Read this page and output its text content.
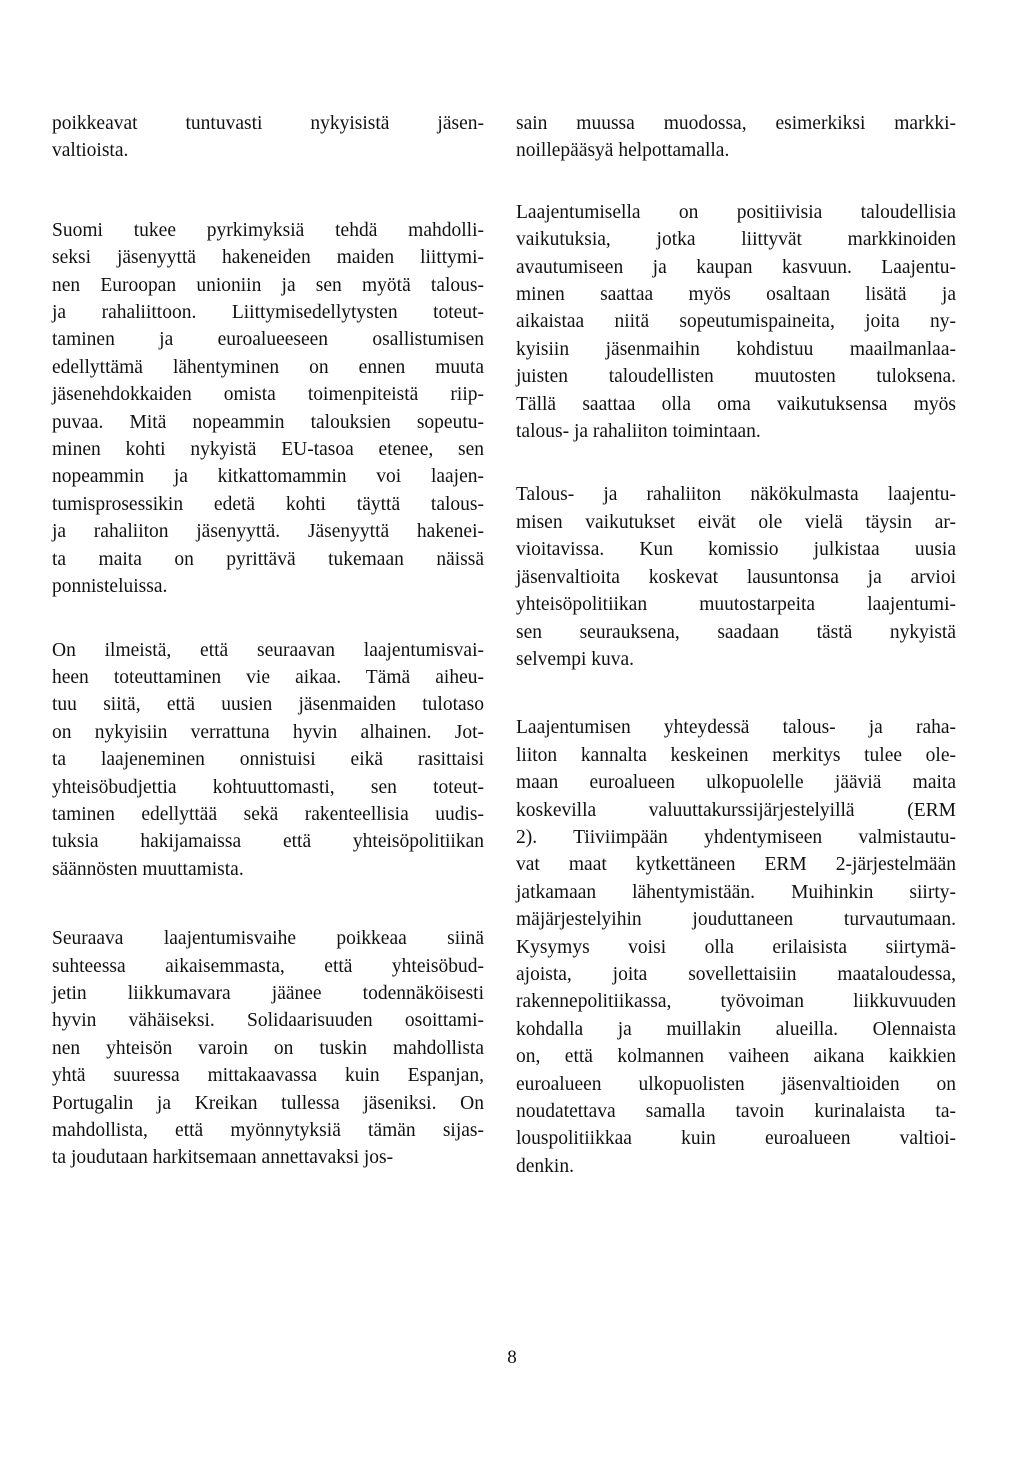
poikkeavat tuntuvasti nykyisistä jäsen-
valtioista.

Suomi tukee pyrkimyksiä tehdä mahdolli-
seksi jäsenyyttä hakeneiden maiden liittymi-
nen Euroopan unioniin ja sen myötä talous-
ja rahaliittoon. Liittymisedellytysten toteut-
taminen ja euroalueeseen osallistumisen
edellyttämä lähentyminen on ennen muuta
jäsenehdokkaiden omista toimenpiteistä riip-
puvaa. Mitä nopeammin talouksien sopeutu-
minen kohti nykyistä EU-tasoa etenee, sen
nopeammin ja kitkattomammin voi laajen-
tumisprosessikin edetä kohti täyttä talous-
ja rahaliiton jäsenyyttä. Jäsenyyttä hakenei-
ta maita on pyrittävä tukemaan näissä
ponnisteluissa.

On ilmeistä, että seuraavan laajentumisvai-
heen toteuttaminen vie aikaa. Tämä aiheu-
tuu siitä, että uusien jäsenmaiden tulotaso
on nykyisiin verrattuna hyvin alhainen. Jot-
ta laajeneminen onnistuisi eikä rasittaisi
yhteisöbudjettia kohtuuttomasti, sen toteut-
taminen edellyttää sekä rakenteellisia uudis-
tuksia hakijamaissa että yhteisöpolitiikan
säännösten muuttamista.

Seuraava laajentumisvaihe poikkeaa siinä
suhteessa aikaisemmasta, että yhteisöbud-
jetin liikkumavara jäänee todennäköisesti
hyvin vähäiseksi. Solidaarisuuden osoittami-
nen yhteisön varoin on tuskin mahdollista
yhtä suuressa mittakaavassa kuin Espanjan,
Portugalin ja Kreikan tullessa jäseniksi. On
mahdollista, että myönnytyksiä tämän sijas-
ta joudutaan harkitsemaan annettavaksi jos-

sain muussa muodossa, esimerkiksi markki-
noillepääsyä helpottamalla.

Laajentumisella on positiivisia taloudellisia
vaikutuksia, jotka liittyvät markkinoiden
avautumiseen ja kaupan kasvuun. Laajentu-
minen saattaa myös osaltaan lisätä ja
aikaistaa niitä sopeutumispaineita, joita ny-
kyisiin jäsenmaihin kohdistuu maailmanlaa-
juisten taloudellisten muutosten tuloksena.
Tällä saattaa olla oma vaikutuksensa myös
talous- ja rahaliiton toimintaan.

Talous- ja rahaliiton näkökulmasta laajentu-
misen vaikutukset eivät ole vielä täysin ar-
vioitavissa. Kun komissio julkistaa uusia
jäsenvaltioita koskevat lausuntonsa ja arvioi
yhteisöpolitiikan muutostarpeita laajentumi-
sen seurauksena, saadaan tästä nykyistä
selvempi kuva.

Laajentumisen yhteydessä talous- ja raha-
liiton kannalta keskeinen merkitys tulee ole-
maan euroalueen ulkopuolelle jääviä maita
koskevilla valuuttakurssijärjestelyillä (ERM
2). Tiiviimpään yhdentymiseen valmistautu-
vat maat kytkettäneen ERM 2-järjestelmään
jatkamaan lähentymistään. Muihinkin siirty-
mäjärjestelyihin jouduttaneen turvautumaan.
Kysymys voisi olla erilaisista siirtymä-
ajoista, joita sovellettaisiin maataloudessa,
rakennepolitiikassa, työvoiman liikkuvuuden
kohdalla ja muillakin alueilla. Olennaista
on, että kolmannen vaiheen aikana kaikkien
euroalueen ulkopuolisten jäsenvaltioiden on
noudatettava samalla tavoin kurinalaista ta-
louspolitiikkaa kuin euroalueen valtioi-
denkin.

8
